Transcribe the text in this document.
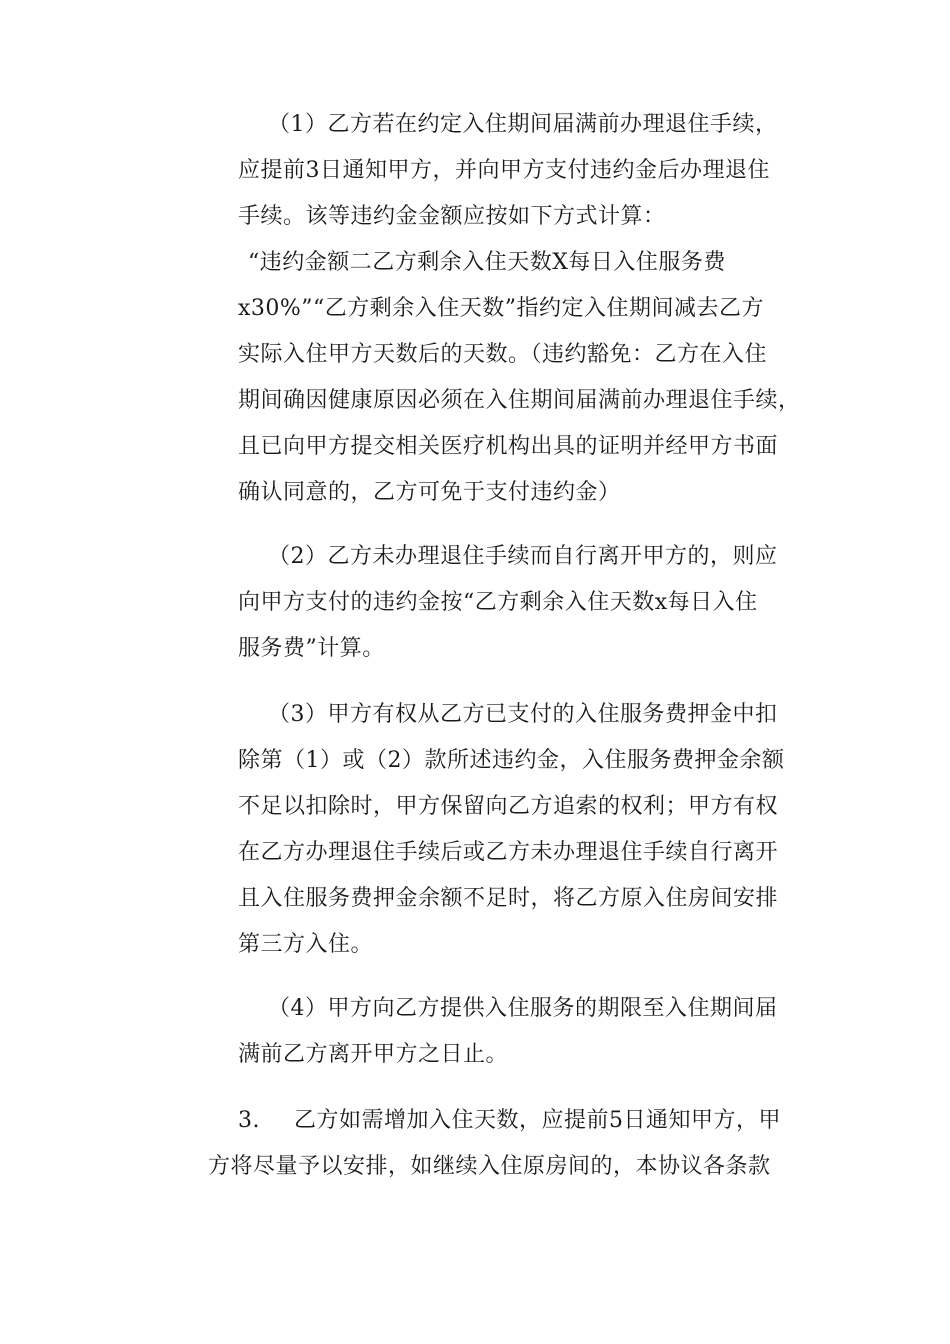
（1）乙方若在约定入住期间届满前办理退住手续，
应提前3日通知甲方，并向甲方支付违约金后办理退住
手续。该等违约金金额应按如下方式计算：
“违约金额二乙方剩余入住天数X每日入住服务费
x30%”“乙方剩余入住天数”指约定入住期间减去乙方
实际入住甲方天数后的天数。（违约豁免：乙方在入住
期间确因健康原因必须在入住期间届满前办理退住手续，
且已向甲方提交相关医疗机构出具的证明并经甲方书面
确认同意的，乙方可免于支付违约金）
（2）乙方未办理退住手续而自行离开甲方的，则应
向甲方支付的违约金按“乙方剩余入住天数x每日入住
服务费”计算。
（3）甲方有权从乙方已支付的入住服务费押金中扣
除第（1）或（2）款所述违约金，入住服务费押金余额
不足以扣除时，甲方保留向乙方追索的权利；甲方有权
在乙方办理退住手续后或乙方未办理退住手续自行离开
且入住服务费押金余额不足时，将乙方原入住房间安排
第三方入住。
（4）甲方向乙方提供入住服务的期限至入住期间届
满前乙方离开甲方之日止。
3. 乙方如需增加入住天数，应提前5日通知甲方，甲
方将尽量予以安排，如继续入住原房间的，本协议各条款
